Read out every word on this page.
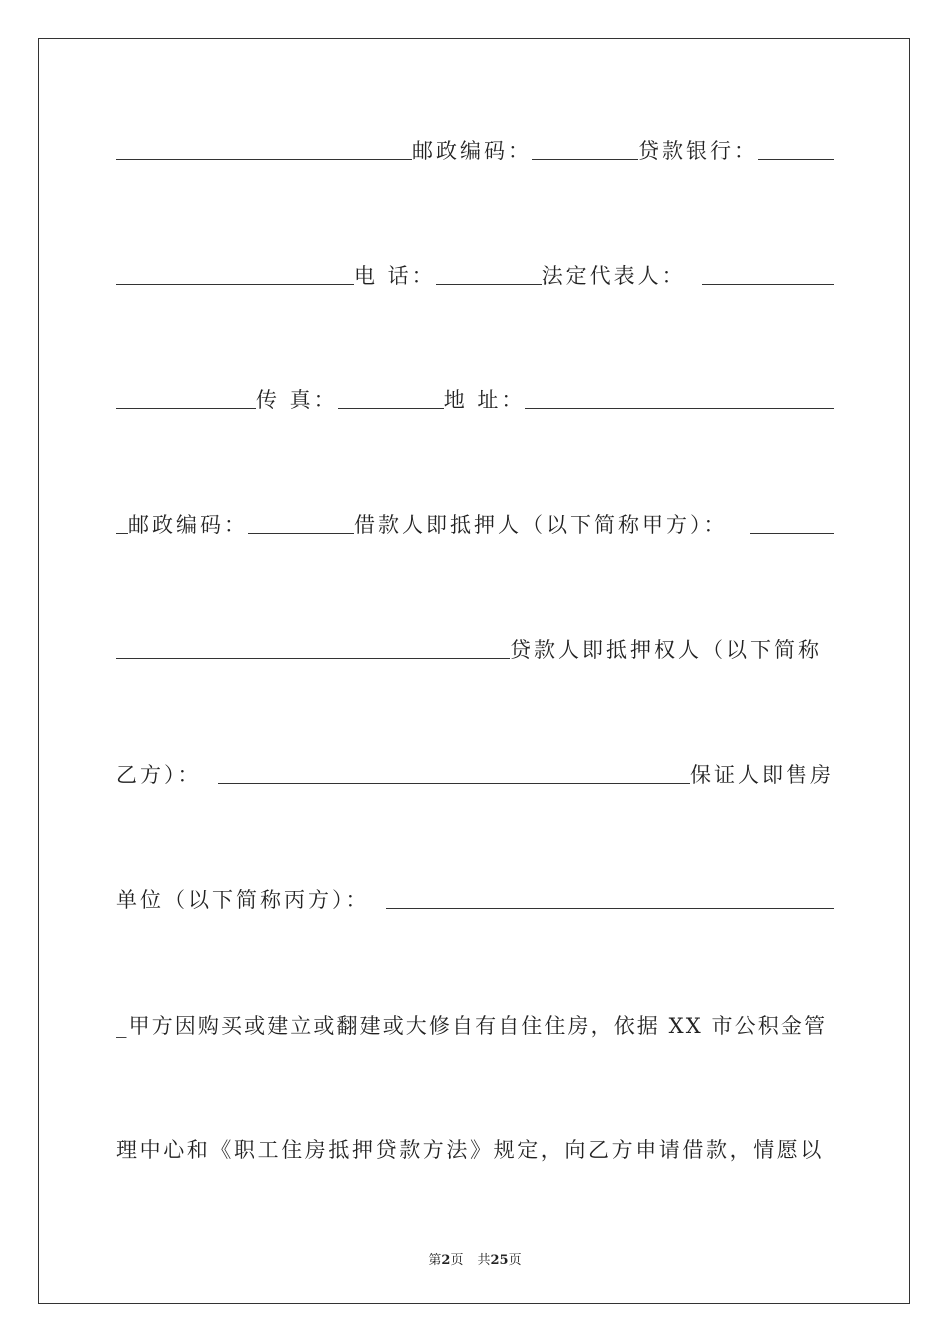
邮政编码：	贷款银行：
电 话：	法定代表人：
传 真：	地 址：
邮政编码：	借款人即抵押人（以下简称甲方）：
贷款人即抵押权人（以下简称
乙方）：	保证人即售房
单位（以下简称丙方）：
_甲方因购买或建立或翻建或大修自有自住住房，依据 XX 市公积金管
理中心和《职工住房抵押贷款方法》规定，向乙方申请借款，情愿以
第2页 共25页
